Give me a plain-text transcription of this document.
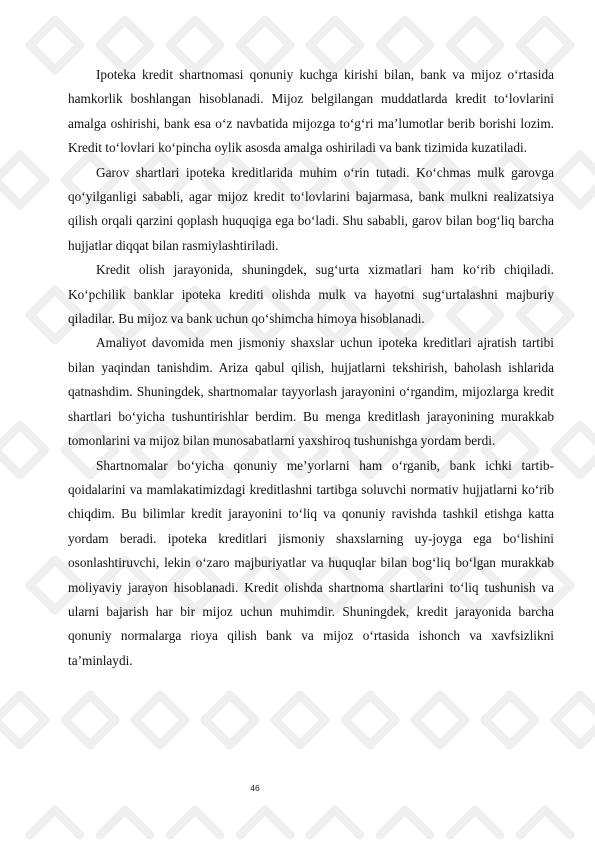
Ipoteka kredit shartnomasi qonuniy kuchga kirishi bilan, bank va mijoz o‘rtasida hamkorlik boshlangan hisoblanadi. Mijoz belgilangan muddatlarda kredit to‘lovlarini amalga oshirishi, bank esa o‘z navbatida mijozga to‘g‘ri ma’lumotlar berib borishi lozim. Kredit to‘lovlari ko‘pincha oylik asosda amalga oshiriladi va bank tizimida kuzatiladi.

Garov shartlari ipoteka kreditlarida muhim o‘rin tutadi. Ko‘chmas mulk garovga qo‘yilganligi sababli, agar mijoz kredit to‘lovlarini bajarmasa, bank mulkni realizatsiya qilish orqali qarzini qoplash huquqiga ega bo‘ladi. Shu sababli, garov bilan bog‘liq barcha hujjatlar diqqat bilan rasmiylashtiriladi.

Kredit olish jarayonida, shuningdek, sug‘urta xizmatlari ham ko‘rib chiqiladi. Ko‘pchilik banklar ipoteka krediti olishda mulk va hayotni sug‘urtalashni majburiy qiladilar. Bu mijoz va bank uchun qo‘shimcha himoya hisoblanadi.

Amaliyot davomida men jismoniy shaxslar uchun ipoteka kreditlari ajratish tartibi bilan yaqindan tanishdim. Ariza qabul qilish, hujjatlarni tekshirish, baholash ishlarida qatnashdim. Shuningdek, shartnomalar tayyorlash jarayonini o‘rgandim, mijozlarga kredit shartlari bo‘yicha tushuntirishlar berdim. Bu menga kreditlash jarayonining murakkab tomonlarini va mijoz bilan munosabatlarni yaxshiroq tushunishga yordam berdi.

Shartnomalar bo‘yicha qonuniy me’yorlarni ham o‘rganib, bank ichki tartib-qoidalarini va mamlakatimizdagi kreditlashni tartibga soluvchi normativ hujjatlarni ko‘rib chiqdim. Bu bilimlar kredit jarayonini to‘liq va qonuniy ravishda tashkil etishga katta yordam beradi. ipoteka kreditlari jismoniy shaxslarning uy-joyga ega bo‘lishini osonlashtiruvchi, lekin o‘zaro majburiyatlar va huquqlar bilan bog‘liq bo‘lgan murakkab moliyaviy jarayon hisoblanadi. Kredit olishda shartnoma shartlarini to‘liq tushunish va ularni bajarish har bir mijoz uchun muhimdir. Shuningdek, kredit jarayonida barcha qonuniy normalarga rioya qilish bank va mijoz o‘rtasida ishonch va xavfsizlikni ta’minlaydi.

46
